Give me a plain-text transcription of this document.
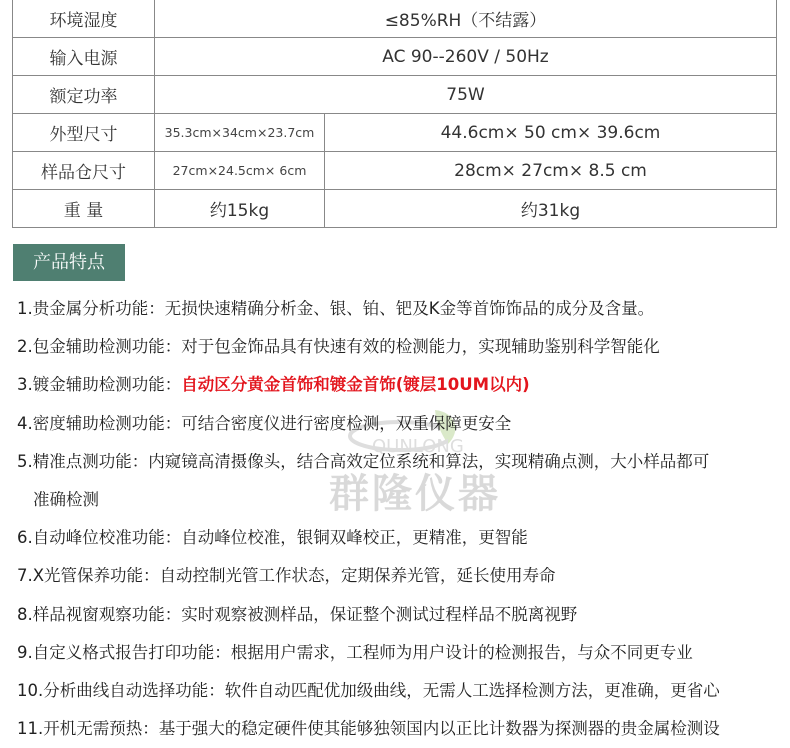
环境湿度	≤85%RH（不结露）	
输入电源	AC 90--260V / 50Hz	
额定功率	75W	
外型尺寸	35.3cm×34cm×23.7cm	44.6cm× 50 cm× 39.6cm
样品仓尺寸	27cm×24.5cm× 6cm	28cm× 27cm× 8.5 cm
重 量	约15kg	约31kg
产品特点
QUNLONG
群隆仪器
1.贵金属分析功能：无损快速精确分析金、银、铂、钯及K金等首饰饰品的成分及含量。
2.包金辅助检测功能：对于包金饰品具有快速有效的检测能力，实现辅助鉴别科学智能化
3.镀金辅助检测功能：自动区分黄金首饰和镀金首饰(镀层10UM以内)
4.密度辅助检测功能：可结合密度仪进行密度检测，双重保障更安全
5.精准点测功能：内窥镜高清摄像头，结合高效定位系统和算法，实现精确点测，大小样品都可
准确检测
6.自动峰位校准功能：自动峰位校准，银铜双峰校正，更精准，更智能
7.X光管保养功能：自动控制光管工作状态，定期保养光管，延长使用寿命
8.样品视窗观察功能：实时观察被测样品，保证整个测试过程样品不脱离视野
9.自定义格式报告打印功能：根据用户需求，工程师为用户设计的检测报告，与众不同更专业
10.分析曲线自动选择功能：软件自动匹配优加级曲线，无需人工选择检测方法，更准确，更省心
11.开机无需预热：基于强大的稳定硬件使其能够独领国内以正比计数器为探测器的贵金属检测设
